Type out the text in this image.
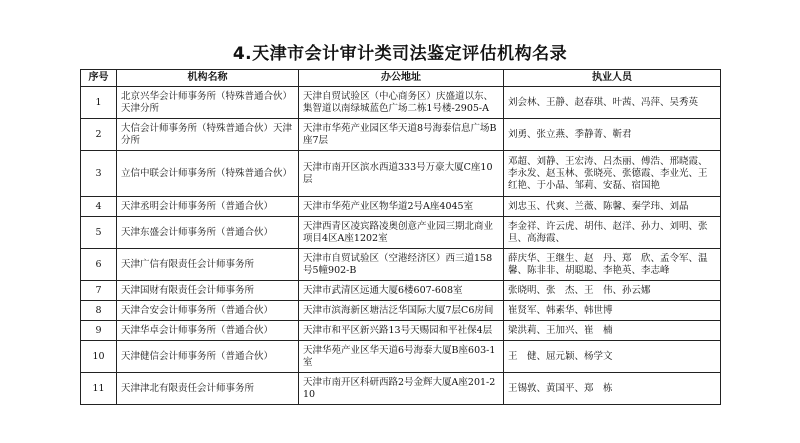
4.天津市会计审计类司法鉴定评估机构名录
序号	机构名称	办公地址	执业人员
1	北京兴华会计师事务所（特殊普通合伙）天津分所	天津自贸试验区（中心商务区）庆盛道以东、集智道以南绿城蓝色广场二栋1号楼-2905-A	刘会林、王静、赵春琪、叶茜、冯萍、吴秀英
2	大信会计师事务所（特殊普通合伙）天津分所	天津市华苑产业园区华天道8号海泰信息广场B座7层	刘勇、张立燕、季静菁、靳君
3	立信中联会计师事务所（特殊普通合伙）	天津市南开区滨水西道333号万豪大厦C座10层	邓超、刘静、王宏涛、吕杰丽、傅浩、邢晓霞、李永发、赵玉林、张晓亮、张德霞、李业光、王红艳、于小晶、邹莉、安磊、宿国艳
4	天津丞明会计师事务所（普通合伙）	天津市华苑产业区物华道2号A座4045室	刘忠玉、代爽、兰薇、陈馨、秦学玮、刘晶
5	天津东盛会计师事务所（普通合伙）	天津西青区凌宾路凌奥创意产业园三期北商业项目4区A座1202室	李金祥、许云虎、胡伟、赵洋、孙力、刘明、张旦、高海霞、
6	天津广信有限责任会计师事务所	天津市自贸试验区（空港经济区）西三道158号5幢902-B	薛庆华、王继生、赵　丹、郑　欣、孟令军、温　馨、陈非非、胡聪聪、李艳英、李志峰
7	天津国财有限责任会计师事务所	天津市武清区远通大厦6楼607-608室	张晓明、张　杰、王　伟、孙云娜
8	天津合安会计师事务所（普通合伙）	天津市滨海新区塘沽泛华国际大厦7层C6房间	崔贤军、韩素华、韩世博
9	天津华卓会计师事务所（普通合伙）	天津市和平区新兴路13号天赐园和平社保4层	梁洪莉、王加兴、崔　楠
10	天津健信会计师事务所（普通合伙）	天津华苑产业区华天道6号海泰大厦B座603-1室	王　健、屈元颖、杨学文
11	天津津北有限责任会计师事务所	天津市南开区科研西路2号金辉大厦A座201-210	王锡敦、黄国平、郑　栋
